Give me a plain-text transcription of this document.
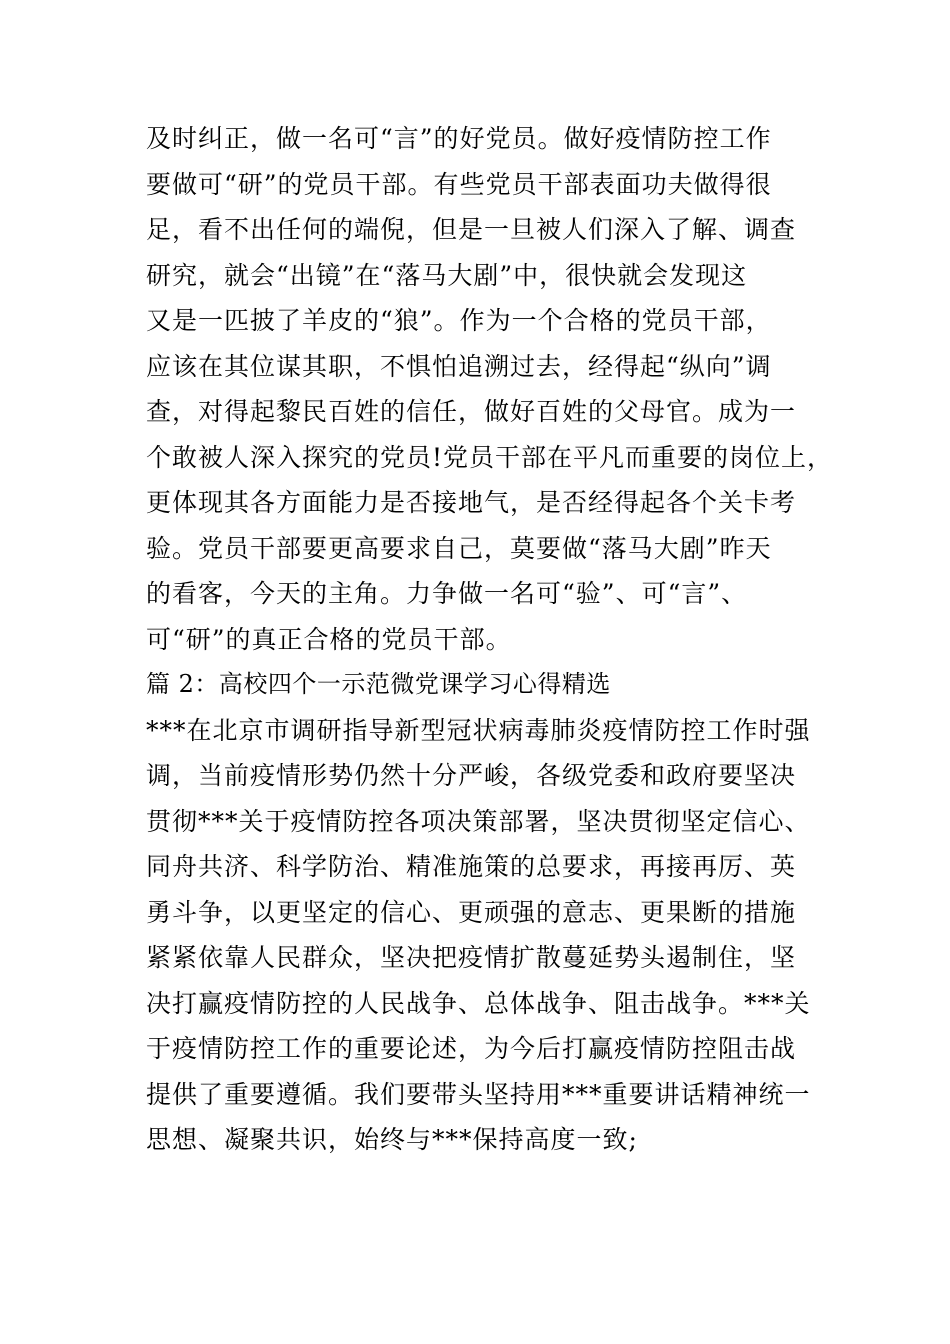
及时纠正，做一名可“言”的好党员。做好疫情防控工作
要做可“研”的党员干部。有些党员干部表面功夫做得很
足，看不出任何的端倪，但是一旦被人们深入了解、调查
研究，就会“出镜”在“落马大剧”中，很快就会发现这
又是一匹披了羊皮的“狼”。作为一个合格的党员干部，
应该在其位谋其职，不惧怕追溯过去，经得起“纵向”调
查，对得起黎民百姓的信任，做好百姓的父母官。成为一
个敢被人深入探究的党员!党员干部在平凡而重要的岗位上，
更体现其各方面能力是否接地气，是否经得起各个关卡考
验。党员干部要更高要求自己，莫要做“落马大剧”昨天
的看客，今天的主角。力争做一名可“验”、可“言”、
可“研”的真正合格的党员干部。
篇 2：高校四个一示范微党课学习心得精选
***在北京市调研指导新型冠状病毒肺炎疫情防控工作时强
调，当前疫情形势仍然十分严峻，各级党委和政府要坚决
贯彻***关于疫情防控各项决策部署，坚决贯彻坚定信心、
同舟共济、科学防治、精准施策的总要求，再接再厉、英
勇斗争，以更坚定的信心、更顽强的意志、更果断的措施
紧紧依靠人民群众，坚决把疫情扩散蔓延势头遏制住，坚
决打赢疫情防控的人民战争、总体战争、阻击战争。***关
于疫情防控工作的重要论述，为今后打赢疫情防控阻击战
提供了重要遵循。我们要带头坚持用***重要讲话精神统一
思想、凝聚共识，始终与***保持高度一致;
